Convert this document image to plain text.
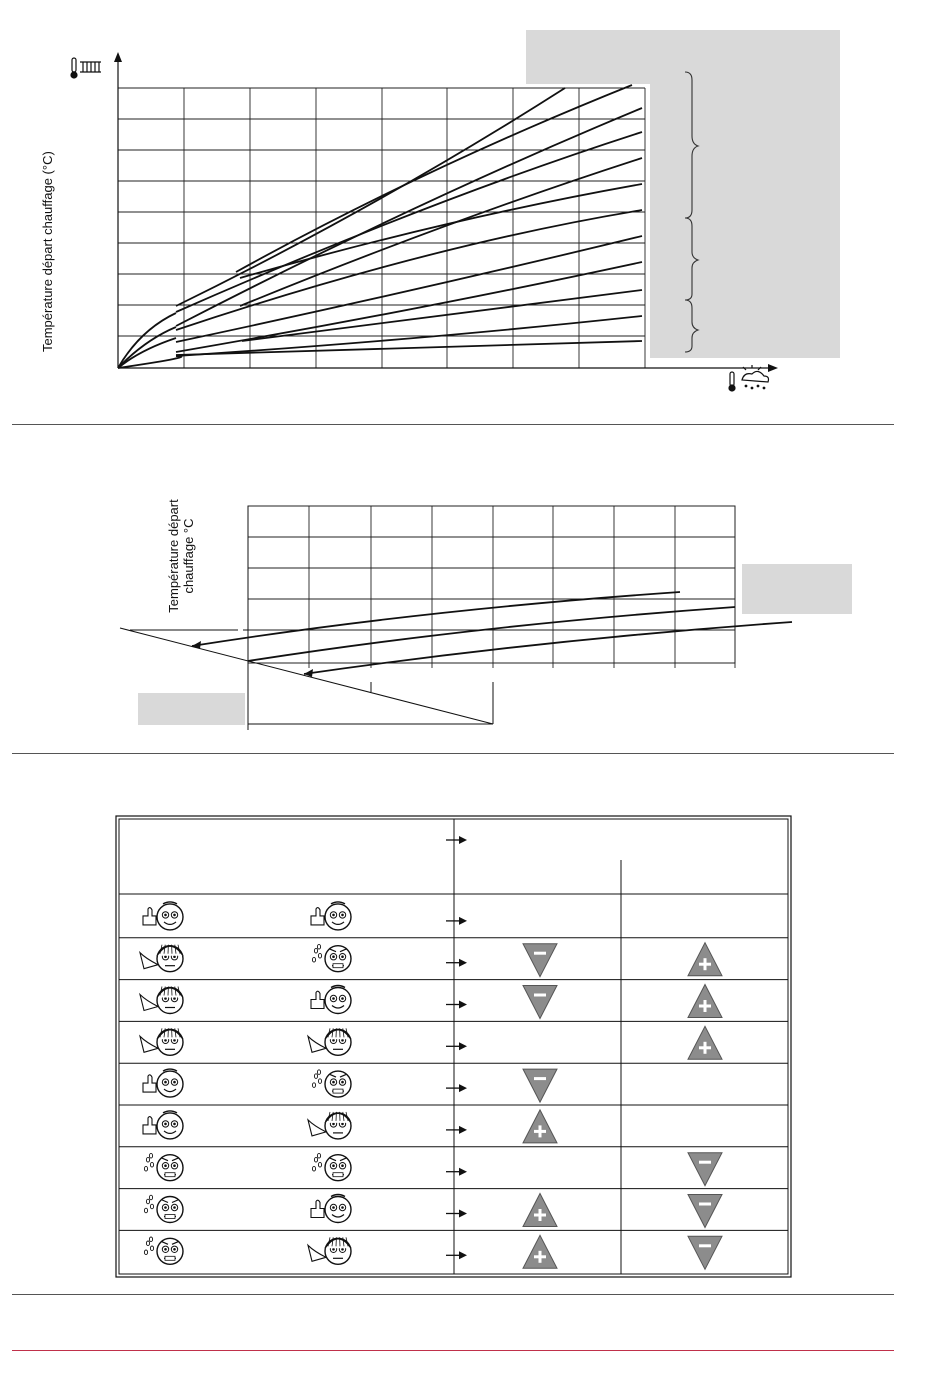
Température départ chauffage (°C)
Température départ chauffage °C
